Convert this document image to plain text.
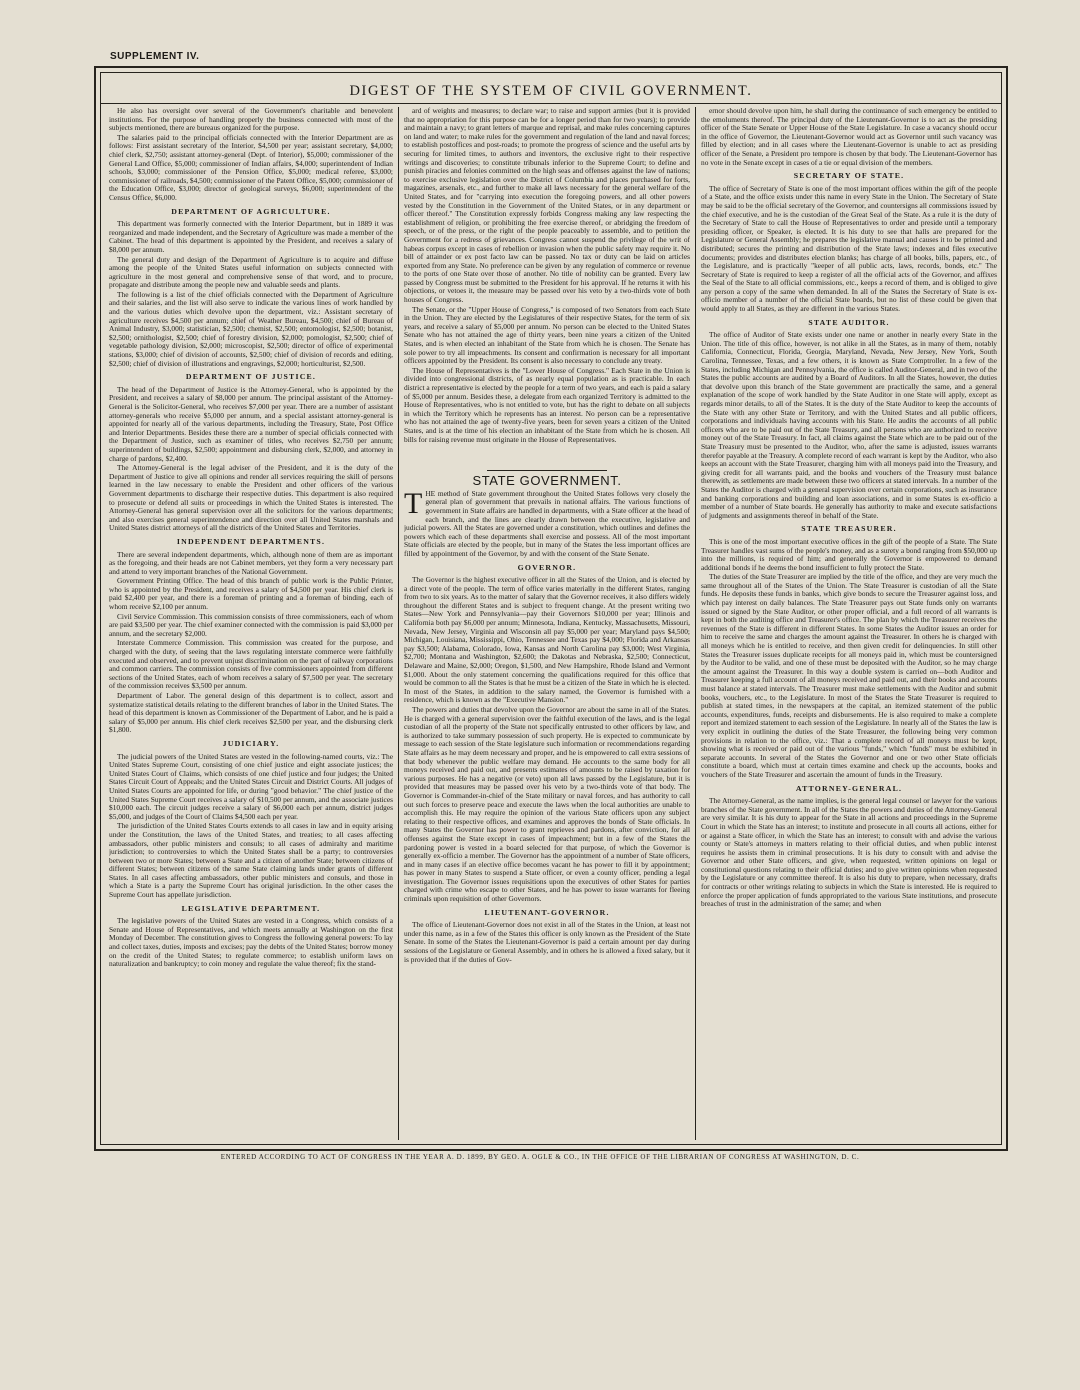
SUPPLEMENT IV.
DIGEST OF THE SYSTEM OF CIVIL GOVERNMENT.

He also has oversight over several of the Government's charitable and benevolent institutions. For the purpose of handling properly the business connected with most of the subjects mentioned, there are bureaus organized for the purpose.

The salaries paid to the principal officials connected with the Interior Department are as follows: First assistant secretary of the Interior, $4,500 per year; assistant secretary, $4,000; chief clerk, $2,750; assistant attorney-general (Dept. of Interior), $5,000; commissioner of the General Land Office, $5,000; commissioner of Indian affairs, $4,000; superintendent of Indian schools, $3,000; commissioner of the Pension Office, $5,000; medical referee, $3,000; commissioner of railroads, $4,500; commissioner of the Patent Office, $5,000; commissioner of the Education Office, $3,000; director of geological surveys, $6,000; superintendent of the Census Office, $6,000.

DEPARTMENT OF AGRICULTURE.

This department was formerly connected with the Interior Department, but in 1889 it was reorganized and made independent, and the Secretary of Agriculture was made a member of the Cabinet. The head of this department is appointed by the President, and receives a salary of $8,000 per annum.

The general duty and design of the Department of Agriculture is to acquire and diffuse among the people of the United States useful information on subjects connected with agriculture in the most general and comprehensive sense of that word, and to procure, propagate and distribute among the people new and valuable seeds and plants.

The following is a list of the chief officials connected with the Department of Agriculture and their salaries, and the list will also serve to indicate the various lines of work handled by and the various duties which devolve upon the department, viz.: Assistant secretary of agriculture receives $4,500 per annum; chief of Weather Bureau, $4,500; chief of Bureau of Animal Industry, $3,000; statistician, $2,500; chemist, $2,500; entomologist, $2,500; botanist, $2,500; ornithologist, $2,500; chief of forestry division, $2,000; pomologist, $2,500; chief of vegetable pathology division, $2,000; microscopist, $2,500; director of office of experimental stations, $3,000; chief of division of accounts, $2,500; chief of division of records and editing, $2,500; chief of division of illustrations and engravings, $2,000; horticulturist, $2,500.

DEPARTMENT OF JUSTICE.

The head of the Department of Justice is the Attorney-General, who is appointed by the President, and receives a salary of $8,000 per annum. The principal assistant of the Attorney-General is the Solicitor-General, who receives $7,000 per year. There are a number of assistant attorney-generals who receive $5,000 per annum, and a special assistant attorney-general is appointed for nearly all of the various departments, including the Treasury, State, Post Office and Interior Departments. Besides these there are a number of special officials connected with the Department of Justice, such as examiner of titles, who receives $2,750 per annum; superintendent of buildings, $2,500; appointment and disbursing clerk, $2,000, and attorney in charge of pardons, $2,400.

The Attorney-General is the legal adviser of the President, and it is the duty of the Department of Justice to give all opinions and render all services requiring the skill of persons learned in the law necessary to enable the President and other officers of the various Government departments to discharge their respective duties. This department is also required to prosecute or defend all suits or proceedings in which the United States is interested. The Attorney-General has general supervision over all the solicitors for the various departments; and also exercises general superintendence and direction over all United States marshals and United States district attorneys of all the districts of the United States and Territories.

INDEPENDENT DEPARTMENTS.

There are several independent departments, which, although none of them are as important as the foregoing, and their heads are not Cabinet members, yet they form a very necessary part and attend to very important branches of the National Government.

Government Printing Office. The head of this branch of public work is the Public Printer, who is appointed by the President, and receives a salary of $4,500 per year. His chief clerk is paid $2,400 per year, and there is a foreman of printing and a foreman of binding, each of whom receive $2,100 per annum.

Civil Service Commission. This commission consists of three commissioners, each of whom are paid $3,500 per year. The chief examiner connected with the commission is paid $3,000 per annum, and the secretary $2,000.

Interstate Commerce Commission. This commission was created for the purpose, and charged with the duty, of seeing that the laws regulating interstate commerce were faithfully executed and observed, and to prevent unjust discrimination on the part of railway corporations and common carriers. The commission consists of five commissioners appointed from different sections of the United States, each of whom receives a salary of $7,500 per year. The secretary of the commission receives $3,500 per annum.

Department of Labor. The general design of this department is to collect, assort and systematize statistical details relating to the different branches of labor in the United States. The head of this department is known as Commissioner of the Department of Labor, and he is paid a salary of $5,000 per annum. His chief clerk receives $2,500 per year, and the disbursing clerk $1,800.

JUDICIARY.

The judicial powers of the United States are vested in the following-named courts, viz.: The United States Supreme Court, consisting of one chief justice and eight associate justices; the United States Court of Claims, which consists of one chief justice and four judges; the United States Circuit Court of Appeals; and the United States Circuit and District Courts. All judges of United States Courts are appointed for life, or during "good behavior." The chief justice of the United States Supreme Court receives a salary of $10,500 per annum, and the associate justices $10,000 each. The circuit judges receive a salary of $6,000 each per annum, district judges $5,000, and judges of the Court of Claims $4,500 each per year.

The jurisdiction of the United States Courts extends to all cases in law and in equity arising under the Constitution, the laws of the United States, and treaties; to all cases affecting ambassadors, other public ministers and consuls; to all cases of admiralty and maritime jurisdiction; to controversies to which the United States shall be a party; to controversies between two or more States; between a State and a citizen of another State; between citizens of different States; between citizens of the same State claiming lands under grants of different States. In all cases affecting ambassadors, other public ministers and consuls, and those in which a State is a party the Supreme Court has original jurisdiction. In the other cases the Supreme Court has appellate jurisdiction.

LEGISLATIVE DEPARTMENT.

The legislative powers of the United States are vested in a Congress, which consists of a Senate and House of Representatives, and which meets annually at Washington on the first Monday of December. The constitution gives to Congress the following general powers: To lay and collect taxes, duties, imposts and excises; pay the debts of the United States; borrow money on the credit of the United States; to regulate commerce; to establish uniform laws on naturalization and bankruptcy; to coin money and regulate the value thereof; fix the stand-

ard of weights and measures; to declare war; to raise and support armies (but it is provided that no appropriation for this purpose can be for a longer period than for two years); to provide and maintain a navy; to grant letters of marque and reprisal, and make rules concerning captures on land and water; to make rules for the government and regulation of the land and naval forces; to establish postoffices and post-roads; to promote the progress of science and the useful arts by securing for limited times, to authors and inventors, the exclusive right to their respective writings and discoveries; to constitute tribunals inferior to the Supreme Court; to define and punish piracies and felonies committed on the high seas and offenses against the law of nations; to exercise exclusive legislation over the District of Columbia and places purchased for forts, magazines, arsenals, etc., and further to make all laws necessary for the general welfare of the United States, and for "carrying into execution the foregoing powers, and all other powers vested by the Constitution in the Government of the United States, or in any department or officer thereof." The Constitution expressly forbids Congress making any law respecting the establishment of religion, or prohibiting the free exercise thereof, or abridging the freedom of speech, or of the press, or the right of the people peaceably to assemble, and to petition the Government for a redress of grievances. Congress cannot suspend the privilege of the writ of habeas corpus except in cases of rebellion or invasion when the public safety may require it. No bill of attainder or ex post facto law can be passed. No tax or duty can be laid on articles exported from any State. No preference can be given by any regulation of commerce or revenue to the ports of one State over those of another. No title of nobility can be granted. Every law passed by Congress must be submitted to the President for his approval. If he returns it with his objections, or vetoes it, the measure may be passed over his veto by a two-thirds vote of both houses of Congress.

The Senate, or the "Upper House of Congress," is composed of two Senators from each State in the Union. They are elected by the Legislatures of their respective States, for the term of six years, and receive a salary of $5,000 per annum. No person can be elected to the United States Senate who has not attained the age of thirty years, been nine years a citizen of the United States, and is when elected an inhabitant of the State from which he is chosen. The Senate has sole power to try all impeachments. Its consent and confirmation is necessary for all important officers appointed by the President. Its consent is also necessary to conclude any treaty.

The House of Representatives is the "Lower House of Congress." Each State in the Union is divided into congressional districts, of as nearly equal population as is practicable. In each district a representative is elected by the people for a term of two years, and each is paid a salary of $5,000 per annum. Besides these, a delegate from each organized Territory is admitted to the House of Representatives, who is not entitled to vote, but has the right to debate on all subjects in which the Territory which he represents has an interest. No person can be a representative who has not attained the age of twenty-five years, been for seven years a citizen of the United States, and is at the time of his election an inhabitant of the State from which he is chosen. All bills for raising revenue must originate in the House of Representatives.

STATE GOVERNMENT.

THE method of State government throughout the United States follows very closely the general plan of government that prevails in national affairs. The various functions of government in State affairs are handled in departments, with a State officer at the head of each branch, and the lines are clearly drawn between the executive, legislative and judicial powers. All the States are governed under a constitution, which outlines and defines the powers which each of these departments shall exercise and possess. All of the most important State officials are elected by the people, but in many of the States the less important offices are filled by appointment of the Governor, by and with the consent of the State Senate.

GOVERNOR.

The Governor is the highest executive officer in all the States of the Union, and is elected by a direct vote of the people. The term of office varies materially in the different States, ranging from two to six years. As to the matter of salary that the Governor receives, it also differs widely throughout the different States and is subject to frequent change. At the present writing two States—New York and Pennsylvania—pay their Governors $10,000 per year; Illinois and California both pay $6,000 per annum; Minnesota, Indiana, Kentucky, Massachusetts, Missouri, Nevada, New Jersey, Virginia and Wisconsin all pay $5,000 per year; Maryland pays $4,500; Michigan, Louisiana, Mississippi, Ohio, Tennessee and Texas pay $4,000; Florida and Arkansas pay $3,500; Alabama, Colorado, Iowa, Kansas and North Carolina pay $3,000; West Virginia, $2,700; Montana and Washington, $2,600; the Dakotas and Nebraska, $2,500; Connecticut, Delaware and Maine, $2,000; Oregon, $1,500, and New Hampshire, Rhode Island and Vermont $1,000. About the only statement concerning the qualifications required for this office that would be common to all the States is that he must be a citizen of the State in which he is elected. In most of the States, in addition to the salary named, the Governor is furnished with a residence, which is known as the "Executive Mansion."

The powers and duties that devolve upon the Governor are about the same in all of the States. He is charged with a general supervision over the faithful execution of the laws, and is the legal custodian of all the property of the State not specifically entrusted to other officers by law, and is authorized to take summary possession of such property. He is expected to communicate by message to each session of the State legislature such information or recommendations regarding State affairs as he may deem necessary and proper, and he is empowered to call extra sessions of that body whenever the public welfare may demand. He accounts to the same body for all moneys received and paid out, and presents estimates of amounts to be raised by taxation for various purposes. He has a negative (or veto) upon all laws passed by the Legislature, but it is provided that measures may be passed over his veto by a two-thirds vote of that body. The Governor is Commander-in-chief of the State military or naval forces, and has authority to call out such forces to preserve peace and execute the laws when the local authorities are unable to accomplish this. He may require the opinion of the various State officers upon any subject relating to their respective offices, and examines and approves the bonds of State officials. In many States the Governor has power to grant reprieves and pardons, after conviction, for all offenses against the State except in cases of impeachment; but in a few of the States the pardoning power is vested in a board selected for that purpose, of which the Governor is generally ex-officio a member. The Governor has the appointment of a number of State officers, and in many cases if an elective office becomes vacant he has power to fill it by appointment; has power in many States to suspend a State officer, or even a county officer, pending a legal investigation. The Governor issues requisitions upon the executives of other States for parties charged with crime who escape to other States, and he has power to issue warrants for fleeing criminals upon requisition of other Governors.

LIEUTENANT-GOVERNOR.

The office of Lieutenant-Governor does not exist in all of the States in the Union, at least not under this name, as in a few of the States this officer is only known as the President of the State Senate. In some of the States the Lieutenant-Governor is paid a certain amount per day during sessions of the Legislature or General Assembly, and in others he is allowed a fixed salary, but it is provided that if the duties of Gov-

ernor should devolve upon him, he shall during the continuance of such emergency be entitled to the emoluments thereof. The principal duty of the Lieutenant-Governor is to act as the presiding officer of the State Senate or Upper House of the State Legislature. In case a vacancy should occur in the office of Governor, the Lieutenant-Governor would act as Governor until such vacancy was filled by election; and in all cases where the Lieutenant-Governor is unable to act as presiding officer of the Senate, a President pro tempore is chosen by that body. The Lieutenant-Governor has no vote in the Senate except in cases of a tie or equal division of the members.

SECRETARY OF STATE.

The office of Secretary of State is one of the most important offices within the gift of the people of a State, and the office exists under this name in every State in the Union. The Secretary of State may be said to be the official secretary of the Governor, and countersigns all commissions issued by the chief executive, and he is the custodian of the Great Seal of the State. As a rule it is the duty of the Secretary of State to call the House of Representatives to order and preside until a temporary presiding officer, or Speaker, is elected. It is his duty to see that halls are prepared for the Legislature or General Assembly; he prepares the legislative manual and causes it to be printed and distributed; secures the printing and distribution of the State laws; indexes and files executive documents; provides and distributes election blanks; has charge of all books, bills, papers, etc., of the Legislature, and is practically "keeper of all public acts, laws, records, bonds, etc." The Secretary of State is required to keep a register of all the official acts of the Governor, and affixes the Seal of the State to all official commissions, etc., keeps a record of them, and is obliged to give any person a copy of the same when demanded. In all of the States the Secretary of State is ex-officio member of a number of the official State boards, but no list of these could be given that would apply to all States, as they are different in the various States.

STATE AUDITOR.

The office of Auditor of State exists under one name or another in nearly every State in the Union. The title of this office, however, is not alike in all the States, as in many of them, notably California, Connecticut, Florida, Georgia, Maryland, Nevada, New Jersey, New York, South Carolina, Tennessee, Texas, and a few others, it is known as State Comptroller. In a few of the States, including Michigan and Pennsylvania, the office is called Auditor-General, and in two of the States the public accounts are audited by a Board of Auditors. In all the States, however, the duties that devolve upon this branch of the State government are practically the same, and a general explanation of the scope of work handled by the State Auditor in one State will apply, except as regards minor details, to all of the States. It is the duty of the State Auditor to keep the accounts of the State with any other State or Territory, and with the United States and all public officers, corporations and individuals having accounts with his State. He audits the accounts of all public officers who are to be paid out of the State Treasury, and all persons who are authorized to receive money out of the State Treasury. In fact, all claims against the State which are to be paid out of the State Treasury must be presented to the Auditor, who, after the same is adjusted, issues warrants therefor payable at the Treasury. A complete record of each warrant is kept by the Auditor, who also keeps an account with the State Treasurer, charging him with all moneys paid into the Treasury, and giving credit for all warrants paid, and the books and vouchers of the Treasury must balance therewith, as settlements are made between these two officers at stated intervals. In a number of the States the Auditor is charged with a general supervision over certain corporations, such as insurance and banking corporations and building and loan associations, and in some States is ex-officio a member of a number of State boards. He generally has authority to make and execute satisfactions of judgments and assignments thereof in behalf of the State.

STATE TREASURER.

This is one of the most important executive offices in the gift of the people of a State. The State Treasurer handles vast sums of the people's money, and as a surety a bond ranging from $50,000 up into the millions, is required of him; and generally the Governor is empowered to demand additional bonds if he deems the bond insufficient to fully protect the State.

The duties of the State Treasurer are implied by the title of the office, and they are very much the same throughout all of the States of the Union. The State Treasurer is custodian of all the State funds. He deposits these funds in banks, which give bonds to secure the Treasurer against loss, and which pay interest on daily balances. The State Treasurer pays out State funds only on warrants issued or signed by the State Auditor, or other proper official, and a full record of all warrants is kept in both the auditing office and Treasurer's office. The plan by which the Treasurer receives the revenues of the State is different in different States. In some States the Auditor issues an order for him to receive the same and charges the amount against the Treasurer. In others he is charged with all moneys which he is entitled to receive, and then given credit for delinquencies. In still other States the Treasurer issues duplicate receipts for all moneys paid in, which must be countersigned by the Auditor to be valid, and one of these must be deposited with the Auditor, so he may charge the amount against the Treasurer. In this way a double system is carried on—both Auditor and Treasurer keeping a full account of all moneys received and paid out, and their books and accounts must balance at stated intervals. The Treasurer must make settlements with the Auditor and submit books, vouchers, etc., to the Legislature. In most of the States the State Treasurer is required to publish at stated times, in the newspapers at the capital, an itemized statement of the public accounts, expenditures, funds, receipts and disbursements. He is also required to make a complete report and itemized statement to each session of the Legislature. In nearly all of the States the law is very explicit in outlining the duties of the State Treasurer, the following being very common provisions in relation to the office, viz.: That a complete record of all moneys must be kept, showing what is received or paid out of the various "funds," which "funds" must be exhibited in separate accounts. In several of the States the Governor and one or two other State officials constitute a board, which must at certain times examine and check up the accounts, books and vouchers of the State Treasurer and ascertain the amount of funds in the Treasury.

ATTORNEY-GENERAL.

The Attorney-General, as the name implies, is the general legal counsel or lawyer for the various branches of the State government. In all of the States the powers and duties of the Attorney-General are very similar. It is his duty to appear for the State in all actions and proceedings in the Supreme Court in which the State has an interest; to institute and prosecute in all courts all actions, either for or against a State officer, in which the State has an interest; to consult with and advise the various county or State's attorneys in matters relating to their official duties, and when public interest requires he assists them in criminal prosecutions. It is his duty to consult with and advise the Governor and other State officers, and give, when requested, written opinions on legal or constitutional questions relating to their official duties; and to give written opinions when requested by the Legislature or any committee thereof. It is also his duty to prepare, when necessary, drafts for contracts or other writings relating to subjects in which the State is interested. He is required to enforce the proper application of funds appropriated to the various State institutions, and prosecute breaches of trust in the administration of the same; and when

ENTERED ACCORDING TO ACT OF CONGRESS IN THE YEAR A. D. 1899, BY GEO. A. OGLE & CO., IN THE OFFICE OF THE LIBRARIAN OF CONGRESS AT WASHINGTON, D. C.
